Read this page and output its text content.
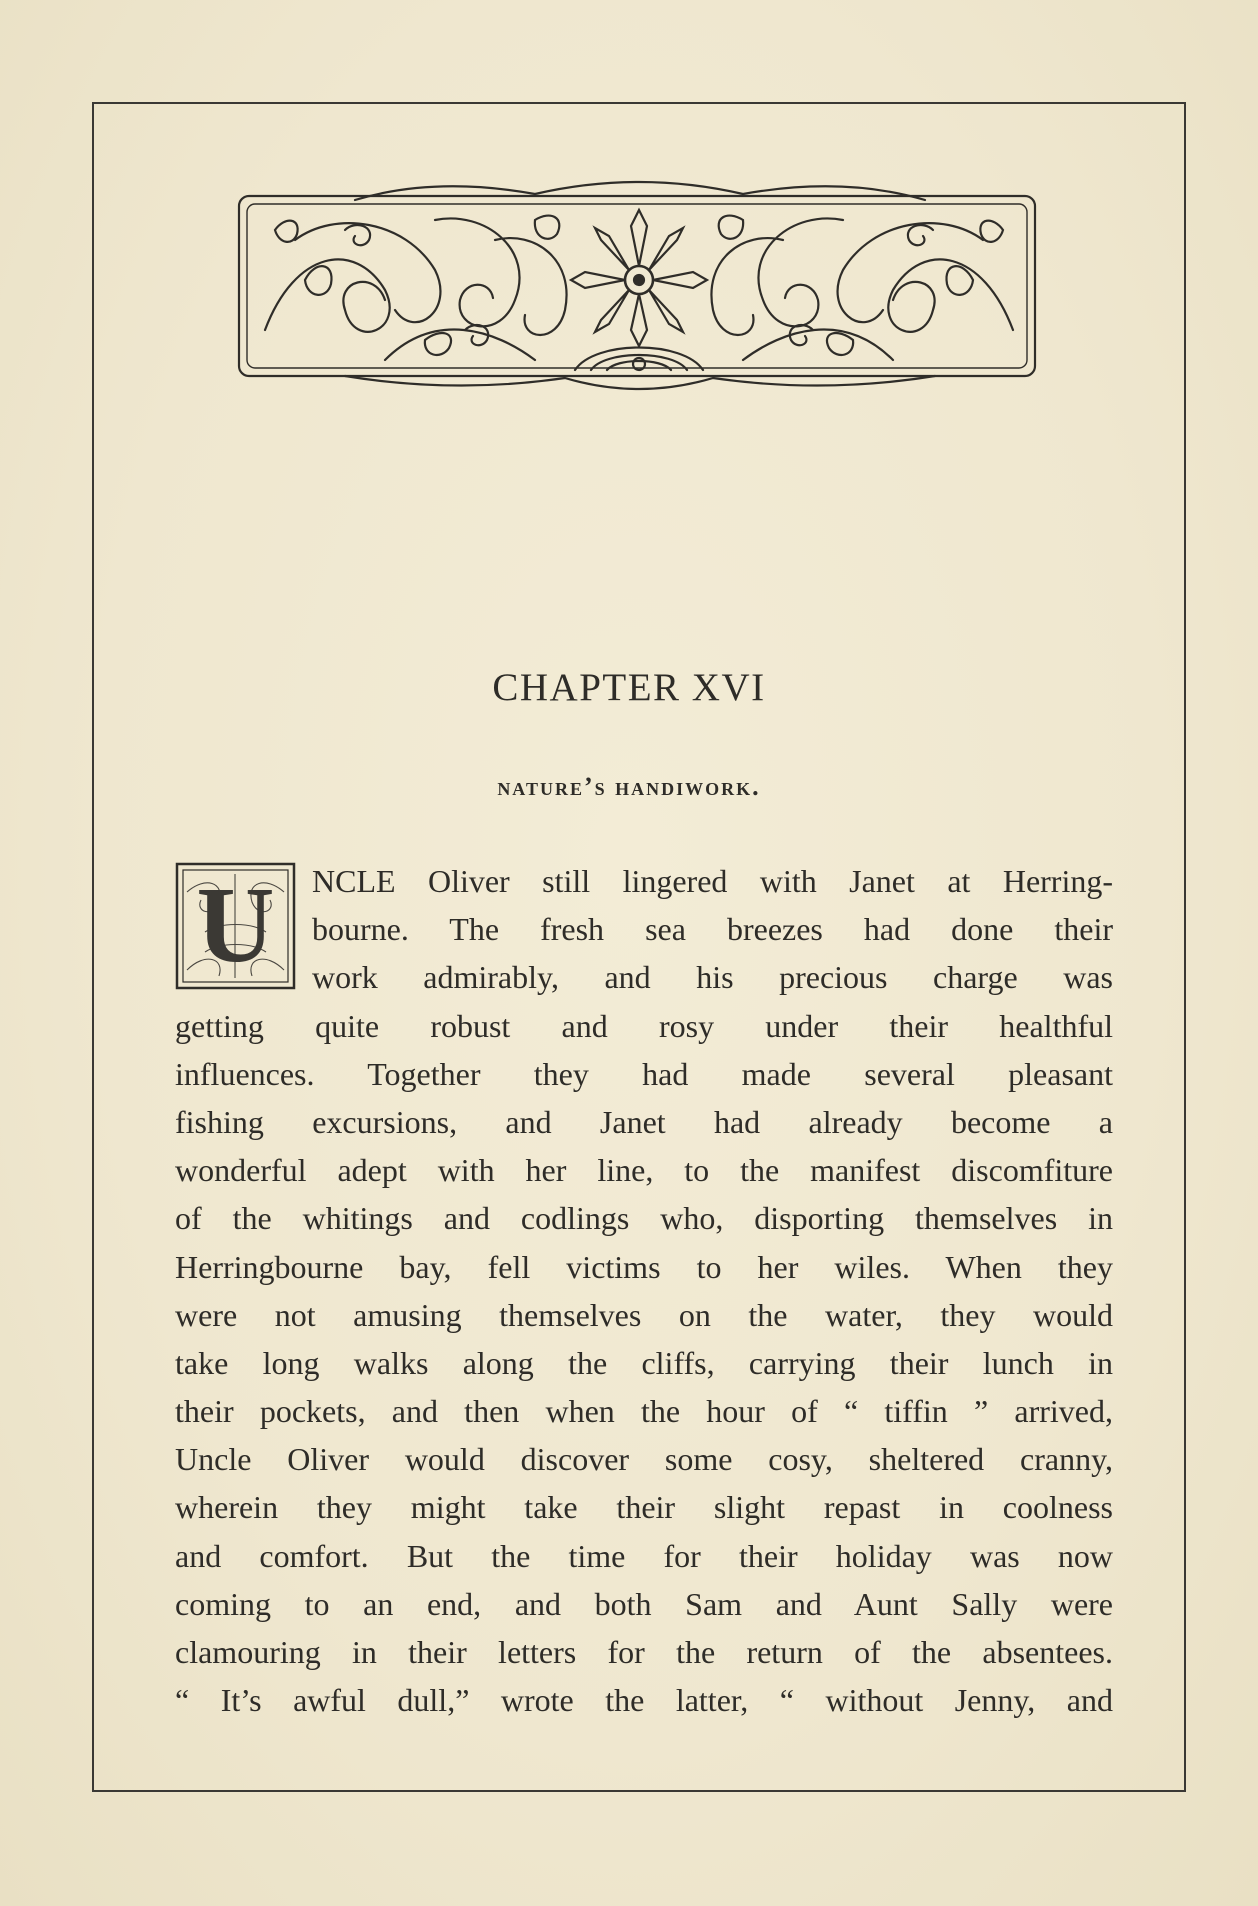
CHAPTER XVI
nature’s handiwork.
U	NCLE Oliver still lingered with Janet at Herring-
bourne. The fresh sea breezes had done their
work admirably, and his precious charge was
getting quite robust and rosy under their healthful
influences. Together they had made several pleasant
fishing excursions, and Janet had already become a
wonderful adept with her line, to the manifest discomfiture
of the whitings and codlings who, disporting themselves in
Herringbourne bay, fell victims to her wiles. When they
were not amusing themselves on the water, they would
take long walks along the cliffs, carrying their lunch in
their pockets, and then when the hour of “ tiffin ” arrived,
Uncle Oliver would discover some cosy, sheltered cranny,
wherein they might take their slight repast in coolness
and comfort. But the time for their holiday was now
coming to an end, and both Sam and Aunt Sally were
clamouring in their letters for the return of the absentees.
“ It’s awful dull,” wrote the latter, “ without Jenny, and
